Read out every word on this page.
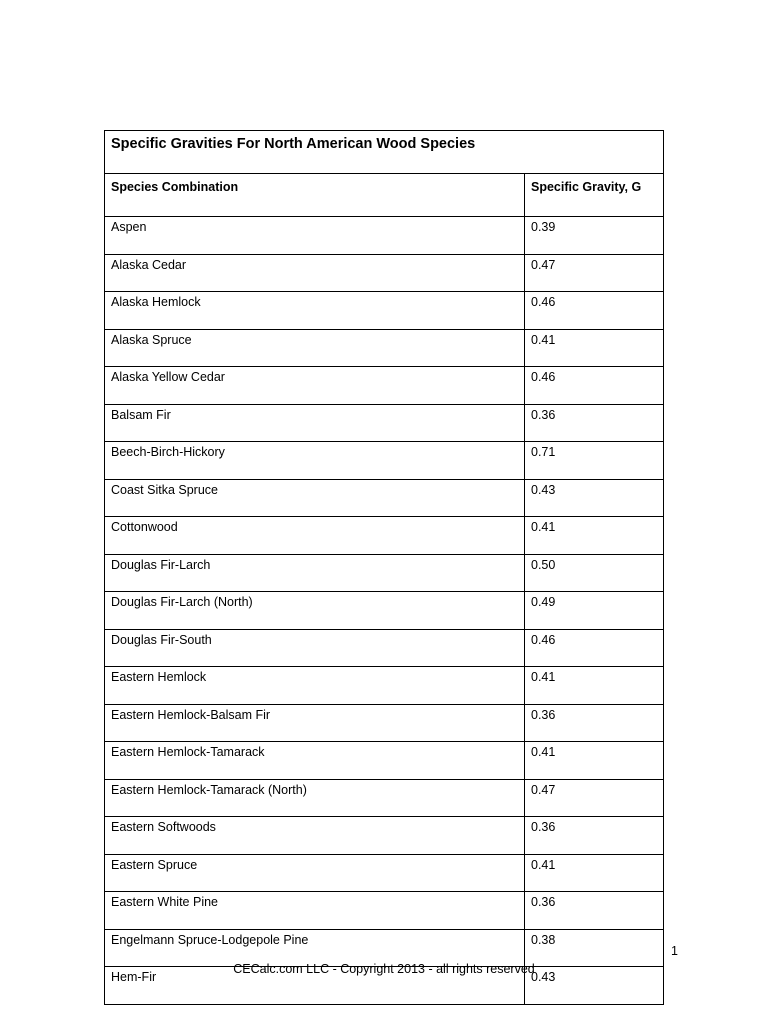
Specific Gravities For North American Wood Species	
Species Combination	Specific Gravity, G
Aspen	0.39
Alaska Cedar	0.47
Alaska Hemlock	0.46
Alaska Spruce	0.41
Alaska Yellow Cedar	0.46
Balsam Fir	0.36
Beech-Birch-Hickory	0.71
Coast Sitka Spruce	0.43
Cottonwood	0.41
Douglas Fir-Larch	0.50
Douglas Fir-Larch (North)	0.49
Douglas Fir-South	0.46
Eastern Hemlock	0.41
Eastern Hemlock-Balsam Fir	0.36
Eastern Hemlock-Tamarack	0.41
Eastern Hemlock-Tamarack (North)	0.47
Eastern Softwoods	0.36
Eastern Spruce	0.41
Eastern White Pine	0.36
Engelmann Spruce-Lodgepole Pine	0.38
Hem-Fir	0.43
1
CECalc.com LLC - Copyright 2013 - all rights reserved
